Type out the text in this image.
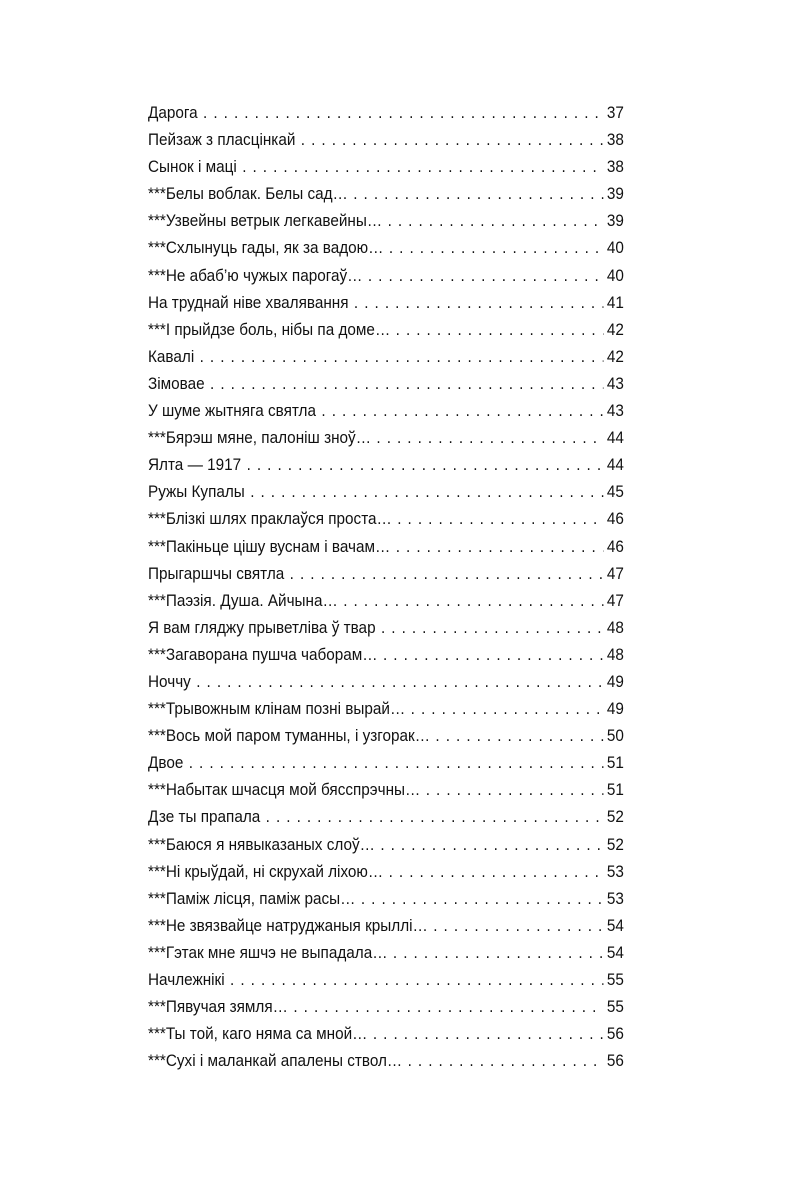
Дарога . . .	37
Пейзаж з пласцінкай . . .	38
Сынок і маці . . .	38
***Белы воблак. Белы сад… . . .	39
***Узвейны ветрык легкавейны… . . .	39
***Схлынуць гады, як за вадою… . . .	40
***Не абаб’ю чужых парогаў… . . .	40
На труднай ніве хвалявання . . .	41
***І прыйдзе боль, нібы па доме… . . .	42
Кавалі . . .	42
Зімовае . . .	43
У шуме жытняга святла . . .	43
***Бярэш мяне, палоніш зноў… . . .	44
Ялта — 1917 . . .	44
Ружы Купалы . . .	45
***Блізкі шлях праклаўся проста… . . .	46
***Пакіньце цішу вуснам і вачам… . . .	46
Прыгаршчы святла . . .	47
***Паэзія. Душа. Айчына… . . .	47
Я вам гляджу прыветліва ў твар . . .	48
***Загаворана пушча чаборам… . . .	48
Ноччу . . .	49
***Трывожным клінам позні вырай… . . .	49
***Вось мой паром туманны, і узгорак… . . .	50
Двое . . .	51
***Набытак шчасця мой бясспрэчны… . . .	51
Дзе ты прапала . . .	52
***Баюся я нявыказаных слоў… . . .	52
***Ні крыўдай, ні скрухай ліхою… . . .	53
***Паміж лісця, паміж расы… . . .	53
***Не звязвайце натруджаныя крыллі… . . .	54
***Гэтак мне яшчэ не выпадала… . . .	54
Начлежнікі . . .	55
***Пявучая зямля… . . .	55
***Ты той, каго няма са мной… . . .	56
***Сухі і маланкай апалены ствол… . . .	56
